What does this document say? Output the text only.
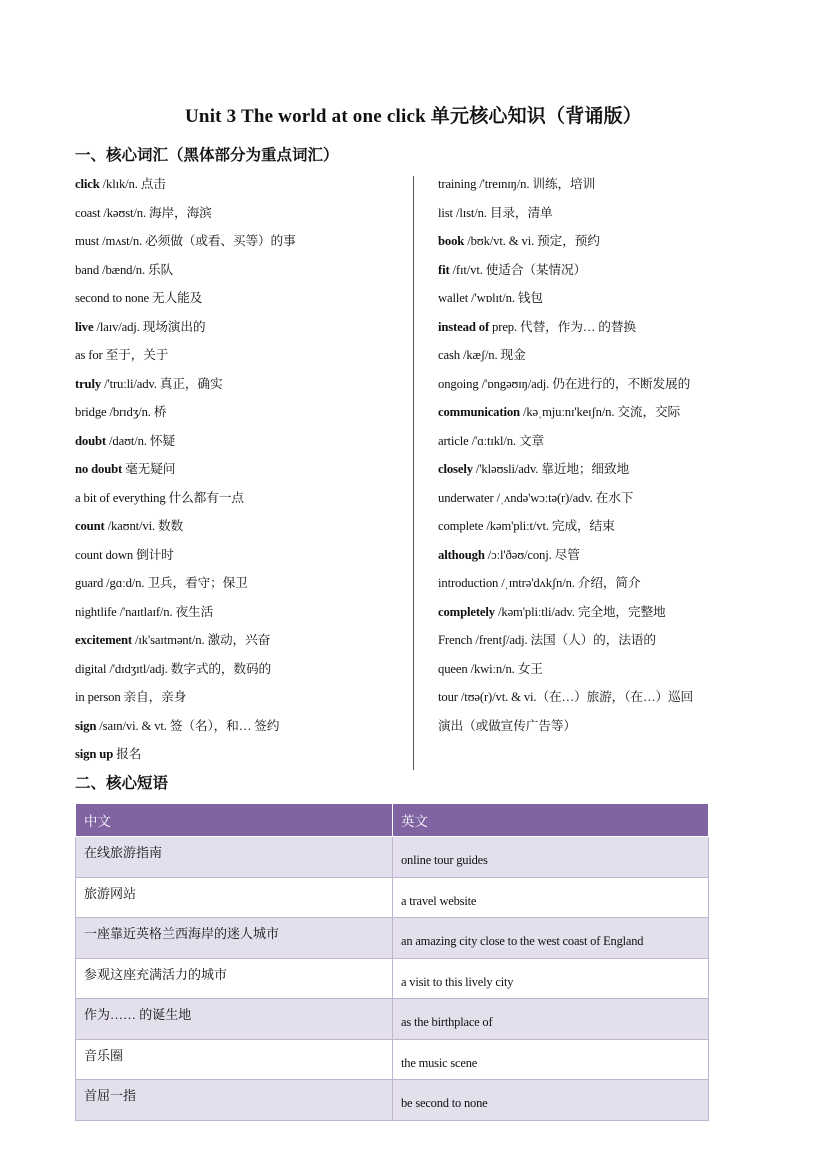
Unit 3 The world at one click 单元核心知识（背诵版）
一、核心词汇（黑体部分为重点词汇）
click /klɪk/n. 点击
coast /kəʊst/n. 海岸，海滨
must /mʌst/n. 必须做（或看、买等）的事
band /bænd/n. 乐队
second to none 无人能及
live /laɪv/adj. 现场演出的
as for 至于，关于
truly /'truːli/adv. 真正，确实
bridge /brɪdʒ/n. 桥
doubt /daʊt/n. 怀疑
no doubt 毫无疑问
a bit of everything 什么都有一点
count /kaʊnt/vi. 数数
count down 倒计时
guard /gɑːd/n. 卫兵，看守；保卫
nightlife /'naɪtlaɪf/n. 夜生活
excitement /ɪk'saɪtmənt/n. 激动，兴奋
digital /'dɪdʒɪtl/adj. 数字式的，数码的
in person 亲自，亲身
sign /saɪn/vi. & vt. 签（名），和… 签约
sign up 报名
training /'treɪnɪŋ/n. 训练，培训
list /lɪst/n. 目录，清单
book /bʊk/vt. & vi. 预定，预约
fit /fɪt/vt. 使适合（某情况）
wallet /'wɒlɪt/n. 钱包
instead of prep. 代替，作为… 的替换
cash /kæʃ/n. 现金
ongoing /'ɒngəʊɪŋ/adj. 仍在进行的，不断发展的
communication /kəˌmjuːnɪ'keɪʃn/n. 交流，交际
article /'ɑːtɪkl/n. 文章
closely /'kləʊsli/adv. 靠近地；细致地
underwater /ˌʌndə'wɔːtə(r)/adv. 在水下
complete /kəm'pliːt/vt. 完成，结束
although /ɔːl'ðəʊ/conj. 尽管
introduction /ˌɪntrə'dʌkʃn/n. 介绍，简介
completely /kəm'pliːtli/adv. 完全地，完整地
French /frentʃ/adj. 法国（人）的，法语的
queen /kwiːn/n. 女王
tour /tʊə(r)/vt. & vi.（在…）旅游，（在…）巡回
演出（或做宣传广告等）
二、核心短语
中文	英文
在线旅游指南	online tour guides
旅游网站	a travel website
一座靠近英格兰西海岸的迷人城市	an amazing city close to the west coast of England
参观这座充满活力的城市	a visit to this lively city
作为…… 的诞生地	as the birthplace of
音乐圈	the music scene
首屈一指	be second to none
